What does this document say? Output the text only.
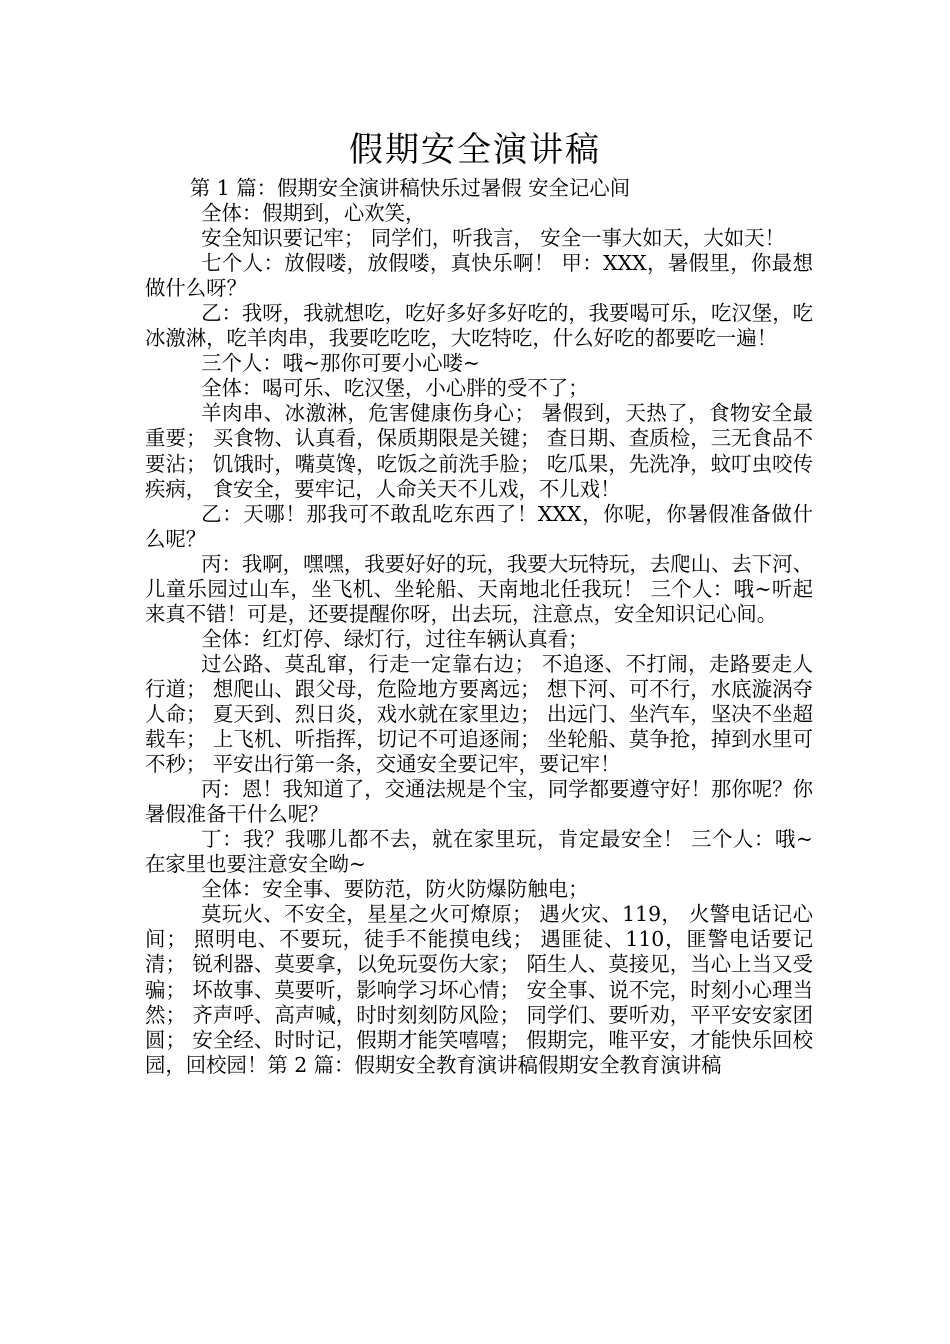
假期安全演讲稿

第 1 篇：假期安全演讲稿快乐过暑假 安全记心间

全体：假期到，心欢笑，

安全知识要记牢； 同学们，听我言， 安全一事大如天，大如天！

七个人：放假喽，放假喽，真快乐啊！ 甲：XXX，暑假里，你最想做什么呀？

乙：我呀，我就想吃，吃好多好多好吃的，我要喝可乐，吃汉堡，吃冰激淋，吃羊肉串，我要吃吃吃，大吃特吃，什么好吃的都要吃一遍！

三个人：哦~那你可要小心喽~

全体：喝可乐、吃汉堡，小心胖的受不了；

羊肉串、冰激淋，危害健康伤身心； 暑假到，天热了，食物安全最重要； 买食物、认真看，保质期限是关键； 查日期、查质检，三无食品不要沾； 饥饿时，嘴莫馋，吃饭之前洗手脸； 吃瓜果，先洗净，蚊叮虫咬传疾病， 食安全，要牢记，人命关天不儿戏，不儿戏！

乙：天哪！那我可不敢乱吃东西了！XXX，你呢，你暑假准备做什么呢？

丙：我啊，嘿嘿，我要好好的玩，我要大玩特玩，去爬山、去下河、儿童乐园过山车，坐飞机、坐轮船、天南地北任我玩！ 三个人：哦~听起来真不错！可是，还要提醒你呀，出去玩，注意点，安全知识记心间。

全体：红灯停、绿灯行，过往车辆认真看；

过公路、莫乱窜，行走一定靠右边； 不追逐、不打闹，走路要走人行道； 想爬山、跟父母，危险地方要离远； 想下河、可不行，水底漩涡夺人命； 夏天到、烈日炎，戏水就在家里边； 出远门、坐汽车，坚决不坐超载车； 上飞机、听指挥，切记不可追逐闹； 坐轮船、莫争抢，掉到水里可不秒； 平安出行第一条，交通安全要记牢，要记牢！

丙：恩！我知道了，交通法规是个宝，同学都要遵守好！那你呢？你暑假准备干什么呢？

丁：我？我哪儿都不去，就在家里玩，肯定最安全！ 三个人：哦~在家里也要注意安全呦~

全体：安全事、要防范，防火防爆防触电；

莫玩火、不安全，星星之火可燎原； 遇火灾、119， 火警电话记心间； 照明电、不要玩，徒手不能摸电线； 遇匪徒、110，匪警电话要记清； 锐利器、莫要拿，以免玩耍伤大家； 陌生人、莫接见，当心上当又受骗； 坏故事、莫要听，影响学习坏心情； 安全事、说不完，时刻小心理当然； 齐声呼、高声喊，时时刻刻防风险； 同学们、要听劝，平平安安家团圆； 安全经、时时记，假期才能笑嘻嘻； 假期完，唯平安，才能快乐回校园，回校园！第 2 篇：假期安全教育演讲稿假期安全教育演讲稿
